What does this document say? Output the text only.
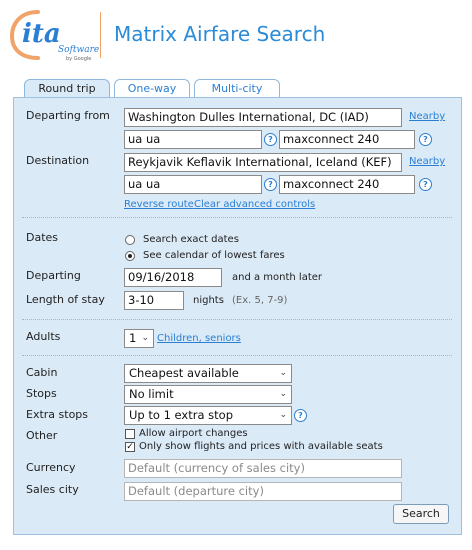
ita
Software
by Google
Matrix Airfare Search
Round trip	One-way	Multi-city
Departing from	Washington Dulles International, DC (IAD)	Nearby
ua ua	? maxconnect 240	?
Destination	Reykjavik Keflavik International, Iceland (KEF)	Nearby
ua ua	? maxconnect 240	?
Reverse route Clear advanced controls
Dates	Search exact dates
See calendar of lowest fares
Departing	09/16/2018	and a month later
Length of stay	3-10	nights (Ex. 5, 7-9)
Adults	1 ⌄ Children, seniors
Cabin	Cheapest available	⌄
Stops	No limit	⌄
Extra stops	Up to 1 extra stop	⌄	?
Other	Allow airport changes
✓ Only show flights and prices with available seats
Currency	Default (currency of sales city)
Sales city	Default (departure city)
Search
